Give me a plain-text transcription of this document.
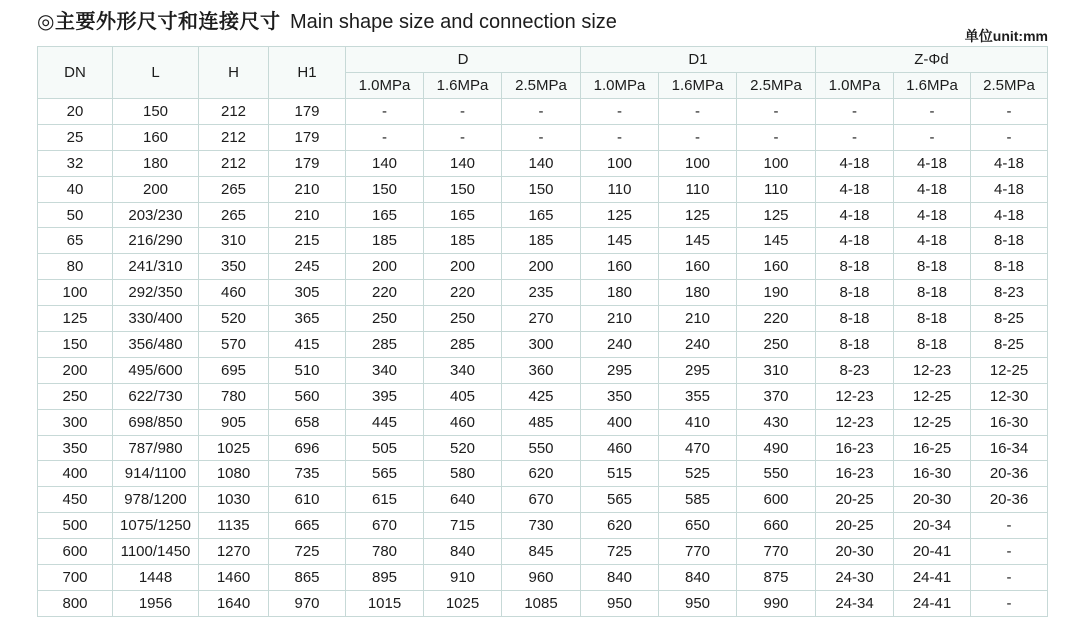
◎主要外形尺寸和连接尺寸 Main shape size and connection size
单位unit:mm
DN	L	H	H1	D			D1			Z-Φd		
				1.0MPa	1.6MPa	2.5MPa	1.0MPa	1.6MPa	2.5MPa	1.0MPa	1.6MPa	2.5MPa
20	150	212	179	-	-	-	-	-	-	-	-	-
25	160	212	179	-	-	-	-	-	-	-	-	-
32	180	212	179	140	140	140	100	100	100	4-18	4-18	4-18
40	200	265	210	150	150	150	110	110	110	4-18	4-18	4-18
50	203/230	265	210	165	165	165	125	125	125	4-18	4-18	4-18
65	216/290	310	215	185	185	185	145	145	145	4-18	4-18	8-18
80	241/310	350	245	200	200	200	160	160	160	8-18	8-18	8-18
100	292/350	460	305	220	220	235	180	180	190	8-18	8-18	8-23
125	330/400	520	365	250	250	270	210	210	220	8-18	8-18	8-25
150	356/480	570	415	285	285	300	240	240	250	8-18	8-18	8-25
200	495/600	695	510	340	340	360	295	295	310	8-23	12-23	12-25
250	622/730	780	560	395	405	425	350	355	370	12-23	12-25	12-30
300	698/850	905	658	445	460	485	400	410	430	12-23	12-25	16-30
350	787/980	1025	696	505	520	550	460	470	490	16-23	16-25	16-34
400	914/1100	1080	735	565	580	620	515	525	550	16-23	16-30	20-36
450	978/1200	1030	610	615	640	670	565	585	600	20-25	20-30	20-36
500	1075/1250	1135	665	670	715	730	620	650	660	20-25	20-34	-
600	1100/1450	1270	725	780	840	845	725	770	770	20-30	20-41	-
700	1448	1460	865	895	910	960	840	840	875	24-30	24-41	-
800	1956	1640	970	1015	1025	1085	950	950	990	24-34	24-41	-
